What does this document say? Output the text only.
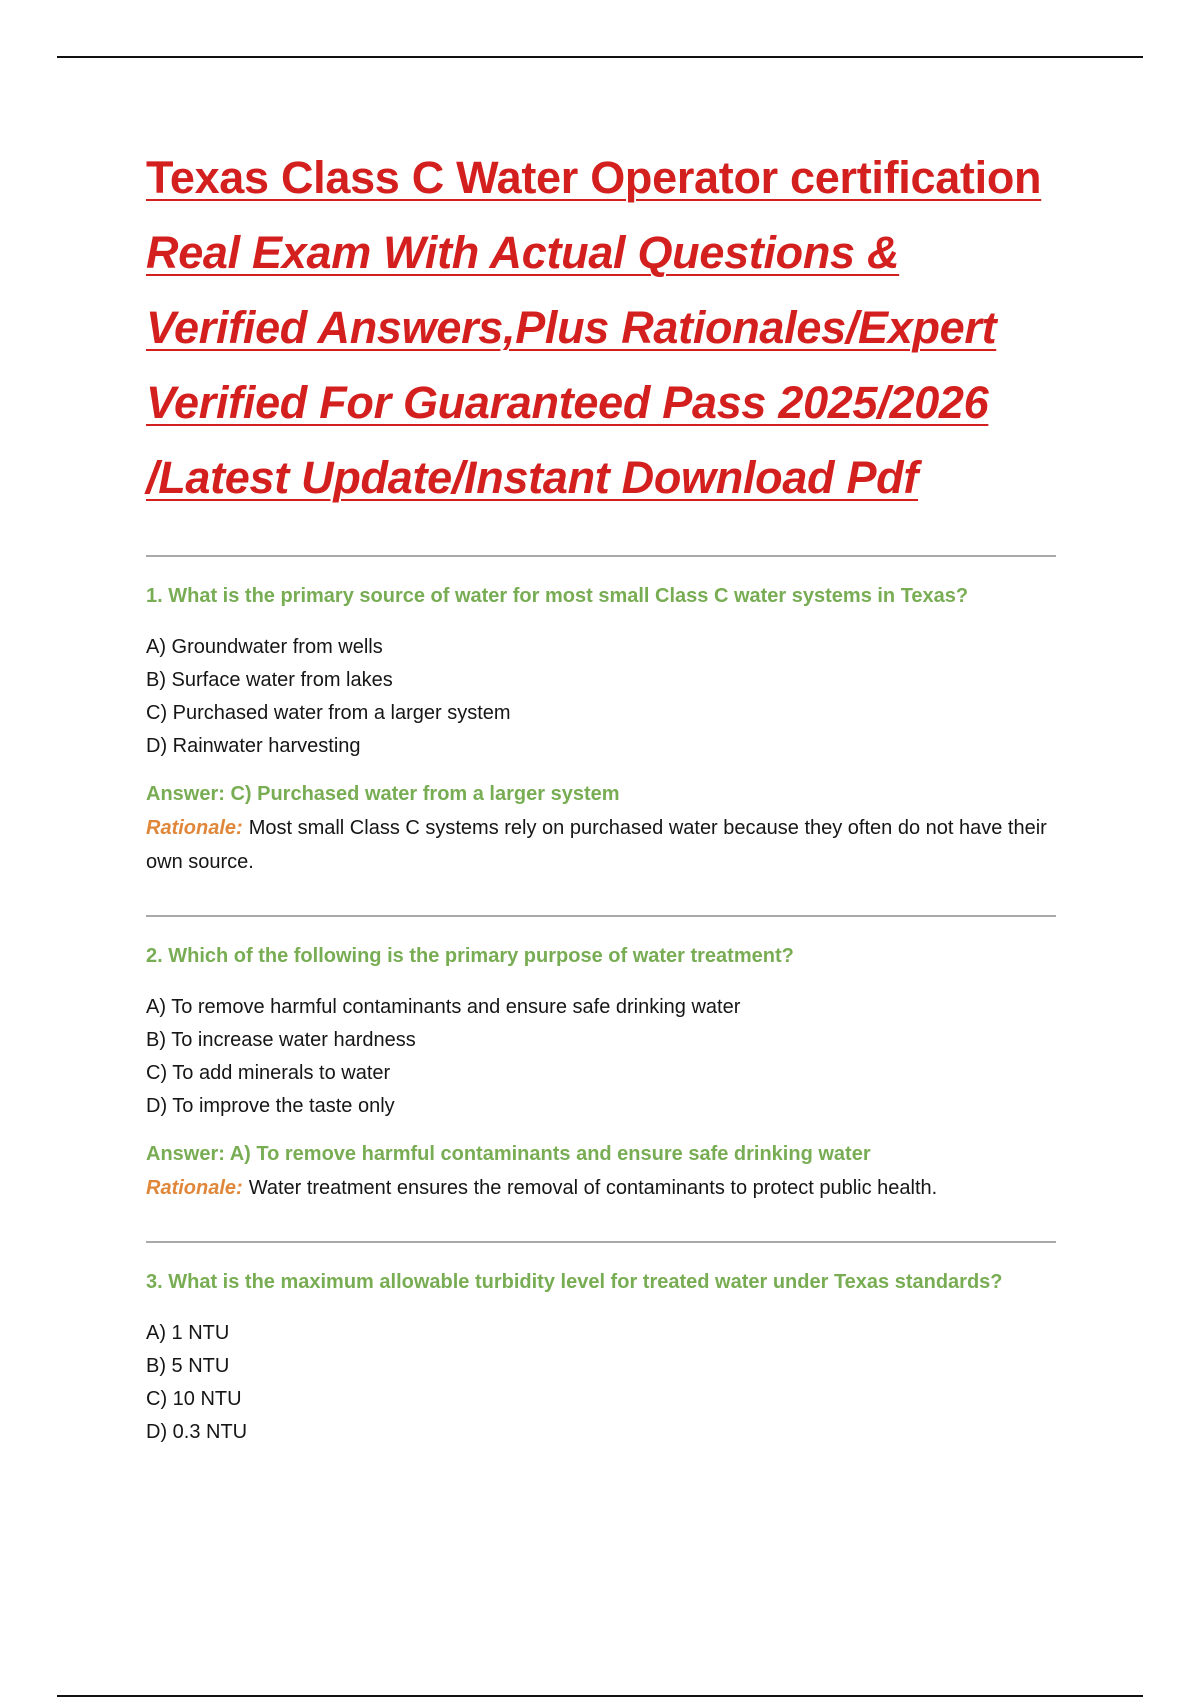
Texas Class C Water Operator certification
Real Exam With Actual Questions &
Verified Answers,Plus Rationales/Expert
Verified For Guaranteed Pass 2025/2026
/Latest Update/Instant Download Pdf
1. What is the primary source of water for most small Class C water systems in Texas?
A) Groundwater from wells
B) Surface water from lakes
C) Purchased water from a larger system
D) Rainwater harvesting
Answer: C) Purchased water from a larger system
Rationale: Most small Class C systems rely on purchased water because they often do not have their own source.
2. Which of the following is the primary purpose of water treatment?
A) To remove harmful contaminants and ensure safe drinking water
B) To increase water hardness
C) To add minerals to water
D) To improve the taste only
Answer: A) To remove harmful contaminants and ensure safe drinking water
Rationale: Water treatment ensures the removal of contaminants to protect public health.
3. What is the maximum allowable turbidity level for treated water under Texas standards?
A) 1 NTU
B) 5 NTU
C) 10 NTU
D) 0.3 NTU
